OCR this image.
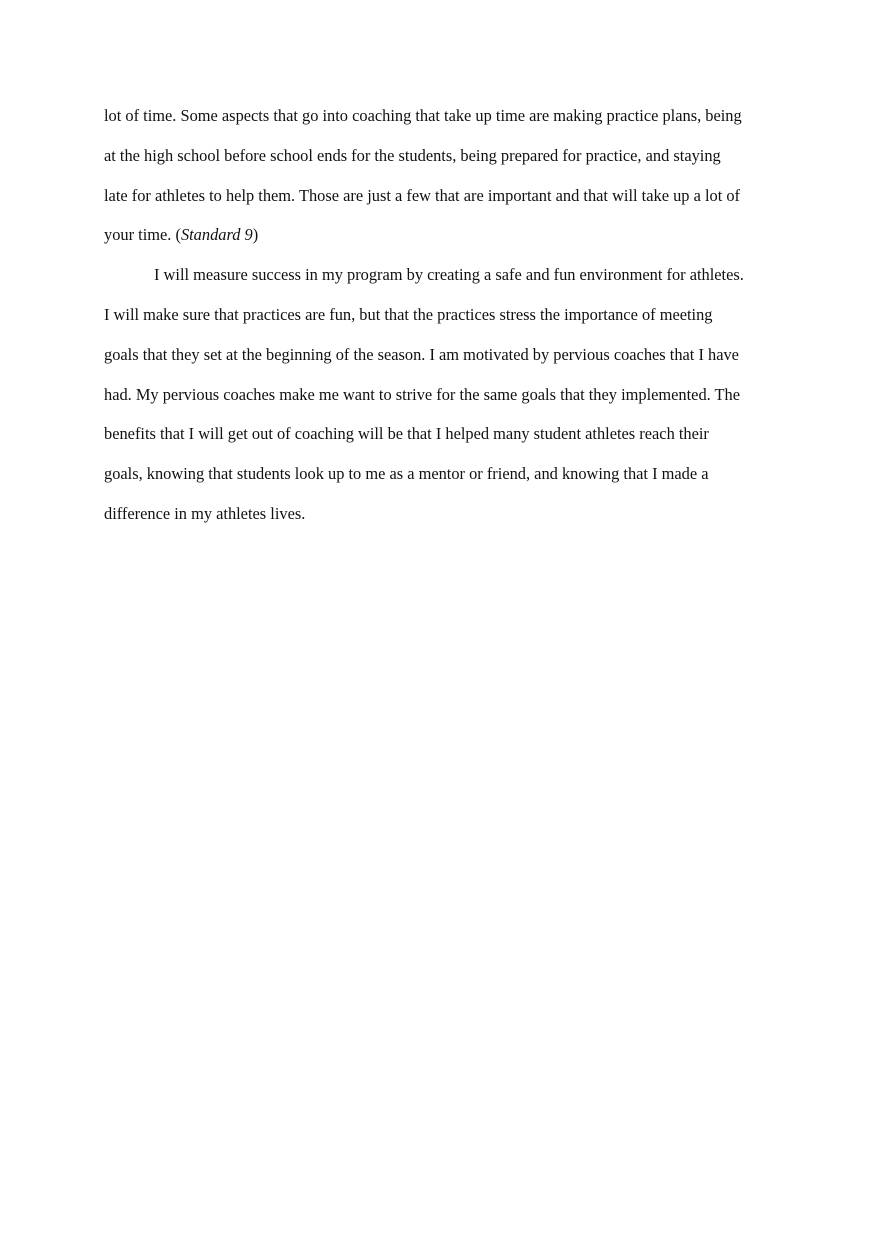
lot of time. Some aspects that go into coaching that take up time are making practice plans, being
at the high school before school ends for the students, being prepared for practice, and staying
late for athletes to help them. Those are just a few that are important and that will take up a lot of
your time. (Standard 9)

I will measure success in my program by creating a safe and fun environment for athletes.
I will make sure that practices are fun, but that the practices stress the importance of meeting
goals that they set at the beginning of the season. I am motivated by pervious coaches that I have
had. My pervious coaches make me want to strive for the same goals that they implemented. The
benefits that I will get out of coaching will be that I helped many student athletes reach their
goals, knowing that students look up to me as a mentor or friend, and knowing that I made a
difference in my athletes lives.
